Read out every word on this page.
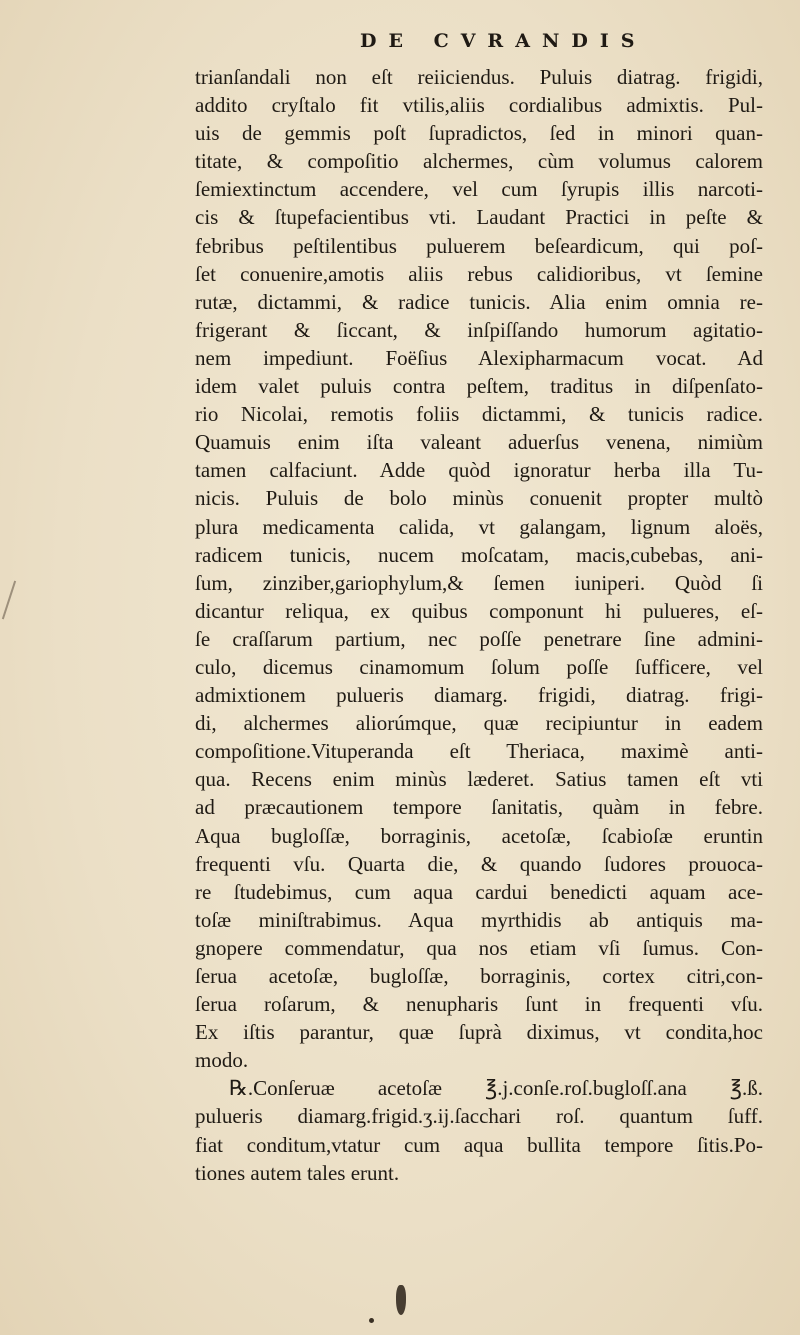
DE CVRANDIS
trianſandali non eſt reiiciendus. Puluis diatrag. frigidi,
addito cryſtalo fit vtilis,aliis cordialibus admixtis. Pul-
uis de gemmis poſt ſupradictos, ſed in minori quan-
titate, & compoſitio alchermes, cùm volumus calorem
ſemiextinctum accendere, vel cum ſyrupis illis narcoti-
cis & ſtupefacientibus vti. Laudant Practici in peſte &
febribus peſtilentibus puluerem beſeardicum, qui poſ-
ſet conuenire,amotis aliis rebus calidioribus, vt ſemine
rutæ, dictammi, & radice tunicis. Alia enim omnia re-
frigerant & ſiccant, & inſpiſſando humorum agitatio-
nem impediunt. Foëſius Alexipharmacum vocat. Ad
idem valet puluis contra peſtem, traditus in diſpenſato-
rio Nicolai, remotis foliis dictammi, & tunicis radice.
Quamuis enim iſta valeant aduerſus venena, nimiùm
tamen calfaciunt. Adde quòd ignoratur herba illa Tu-
nicis. Puluis de bolo minùs conuenit propter multò
plura medicamenta calida, vt galangam, lignum aloës,
radicem tunicis, nucem moſcatam, macis,cubebas, ani-
ſum, zinziber,gariophylum,& ſemen iuniperi. Quòd ſi
dicantur reliqua, ex quibus componunt hi pulueres, eſ-
ſe craſſarum partium, nec poſſe penetrare ſine admini-
culo, dicemus cinamomum ſolum poſſe ſufficere, vel
admixtionem pulueris diamarg. frigidi, diatrag. frigi-
di, alchermes aliorúmque, quæ recipiuntur in eadem
compoſitione.Vituperanda eſt Theriaca, maximè anti-
qua. Recens enim minùs læderet. Satius tamen eſt vti
ad præcautionem tempore ſanitatis, quàm in febre.
Aqua bugloſſæ, borraginis, acetoſæ, ſcabioſæ eruntin
frequenti vſu. Quarta die, & quando ſudores prouoca-
re ſtudebimus, cum aqua cardui benedicti aquam ace-
toſæ miniſtrabimus. Aqua myrthidis ab antiquis ma-
gnopere commendatur, qua nos etiam vſi ſumus. Con-
ſerua acetoſæ, bugloſſæ, borraginis, cortex citri,con-
ſerua roſarum, & nenupharis ſunt in frequenti vſu.
Ex iſtis parantur, quæ ſuprà diximus, vt condita,hoc
modo.
℞.Conſeruæ acetoſæ ℥.j.conſe.roſ.bugloſſ.ana ℥.ß.
pulueris diamarg.frigid.ʒ.ij.ſacchari roſ. quantum ſuff.
fiat conditum,vtatur cum aqua bullita tempore ſitis.Po-
tiones autem tales erunt.
